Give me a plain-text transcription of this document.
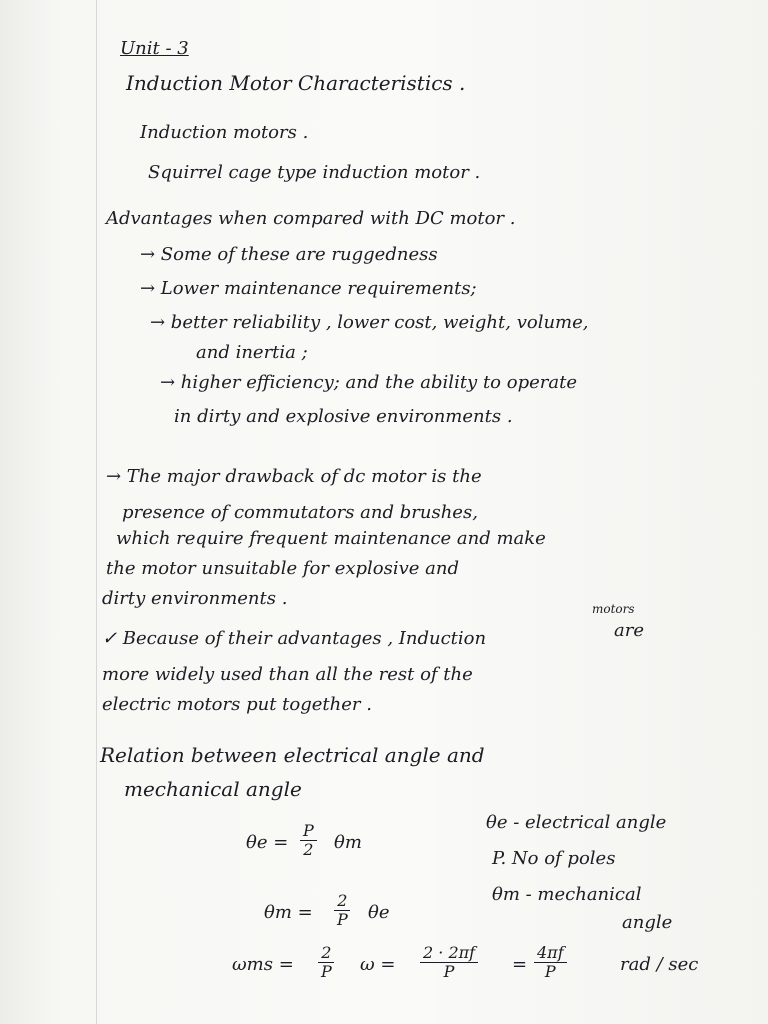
Unit - 3
Induction Motor Characteristics .
Induction motors .
Squirrel cage type induction motor .
Advantages when compared with DC motor .
→ Some of these are ruggedness
→ Lower maintenance requirements;
→ better reliability , lower cost, weight, volume,
and inertia ;
→ higher efficiency; and the ability to operate
in dirty and explosive environments .
→ The major drawback of dc motor is the
presence of commutators and brushes,
which require frequent maintenance and make
the motor unsuitable for explosive and
dirty environments .	motors
✓ Because of their advantages , Induction	are
more widely used than all the rest of the
electric motors put together .
Relation between electrical angle and
mechanical angle
$\theta e = \frac{P}{2}$ θm
$\theta m = \frac{2}{P}$ θe
$\omega ms = \frac{2}{P}$ $\omega = \frac{2 \cdot 2\pi f}{P} = \frac{4\pi f}{P}$	rad / sec
θe - electrical angle
P. No of poles
θm - mechanical
angle
